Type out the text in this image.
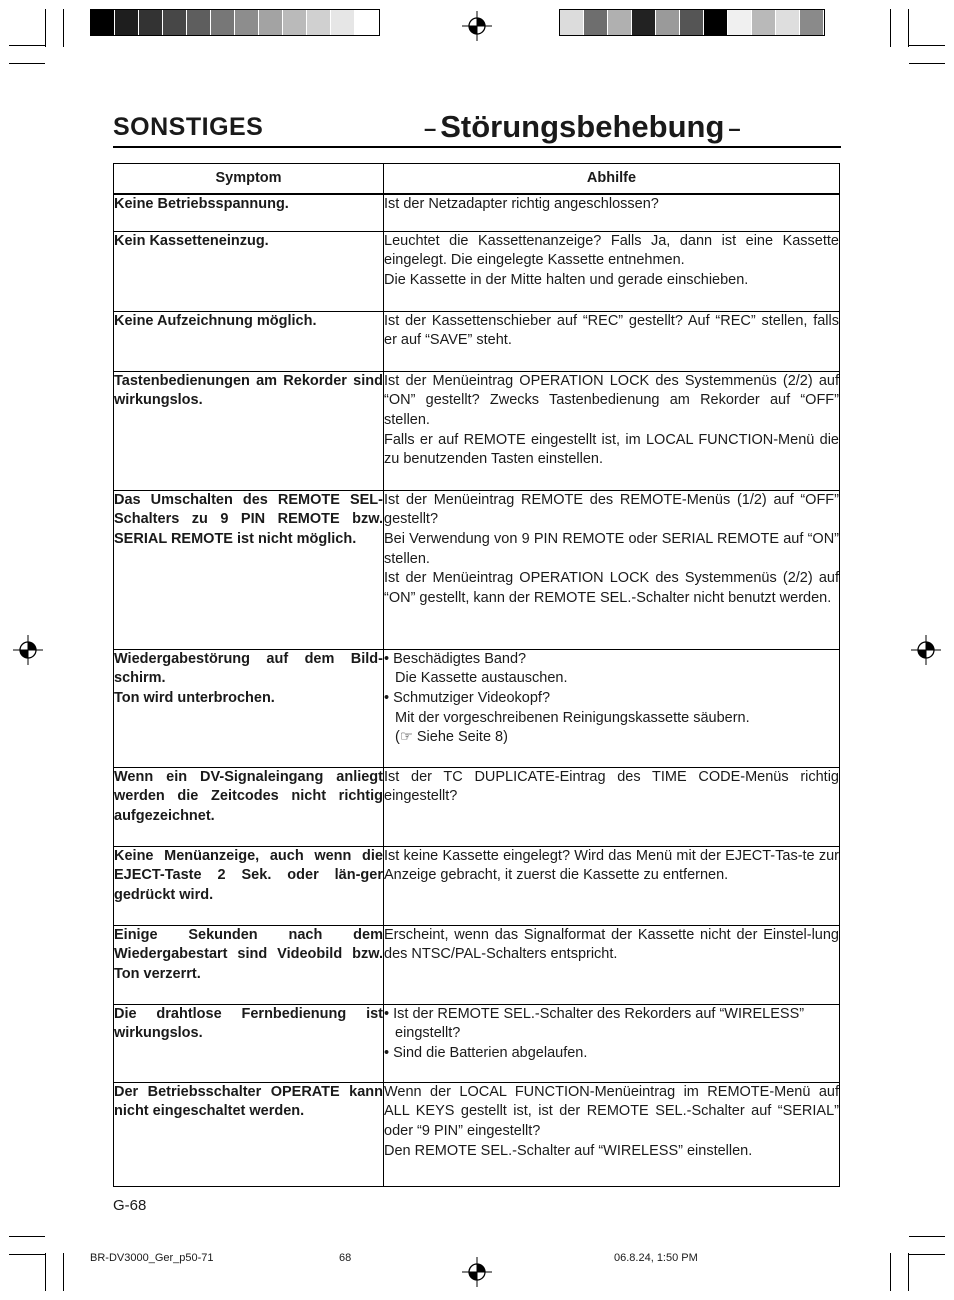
SONSTIGES	– Störungsbehebung –
Symptom	Abhilfe

Keine Betriebsspannung.	Ist der Netzadapter richtig angeschlossen?

Kein Kassetteneinzug.	Leuchtet die Kassettenanzeige? Falls Ja, dann ist eine Kassette eingelegt. Die eingelegte Kassette entnehmen.
Die Kassette in der Mitte halten und gerade einschieben.

Keine Aufzeichnung möglich.	Ist der Kassettenschieber auf “REC” gestellt? Auf “REC” stellen, falls er auf “SAVE” steht.

Tastenbedienungen am Rekorder sind wirkungslos.	Ist der Menüeintrag OPERATION LOCK des Systemmenüs (2/2) auf “ON” gestellt? Zwecks Tastenbedienung am Rekorder auf “OFF” stellen.
Falls er auf REMOTE eingestellt ist, im LOCAL FUNCTION-Menü die zu benutzenden Tasten einstellen.

Das Umschalten des REMOTE SEL-Schalters zu 9 PIN REMOTE bzw. SERIAL REMOTE ist nicht möglich.	Ist der Menüeintrag REMOTE des REMOTE-Menüs (1/2) auf “OFF” gestellt?
Bei Verwendung von 9 PIN REMOTE oder SERIAL REMOTE auf “ON” stellen.
Ist der Menüeintrag OPERATION LOCK des Systemmenüs (2/2) auf “ON” gestellt, kann der REMOTE SEL.-Schalter nicht benutzt werden.

Wiedergabestörung auf dem Bild-schirm.
Ton wird unterbrochen.	• Beschädigtes Band?
Die Kassette austauschen.
• Schmutziger Videokopf?
Mit der vorgeschreibenen Reinigungskassette säubern.
(☞ Siehe Seite 8)

Wenn ein DV-Signaleingang anliegt werden die Zeitcodes nicht richtig aufgezeichnet.	Ist der TC DUPLICATE-Eintrag des TIME CODE-Menüs richtig eingestellt?

Keine Menüanzeige, auch wenn die EJECT-Taste 2 Sek. oder län-ger gedrückt wird.	Ist keine Kassette eingelegt? Wird das Menü mit der EJECT-Tas-te zur Anzeige gebracht, it zuerst die Kassette zu entfernen.

Einige Sekunden nach dem Wiedergabestart sind Videobild bzw. Ton verzerrt.	Erscheint, wenn das Signalformat der Kassette nicht der Einstel-lung des NTSC/PAL-Schalters entspricht.

Die drahtlose Fernbedienung ist wirkungslos.	• Ist der REMOTE SEL.-Schalter des Rekorders auf “WIRELESS”
eingstellt?
• Sind die Batterien abgelaufen.

Der Betriebsschalter OPERATE kann nicht eingeschaltet werden.	Wenn der LOCAL FUNCTION-Menüeintrag im REMOTE-Menü auf ALL KEYS gestellt ist, ist der REMOTE SEL.-Schalter auf “SERIAL” oder “9 PIN” eingestellt?
Den REMOTE SEL.-Schalter auf “WIRELESS” einstellen.
G-68
BR-DV3000_Ger_p50-71	68	06.8.24, 1:50 PM
